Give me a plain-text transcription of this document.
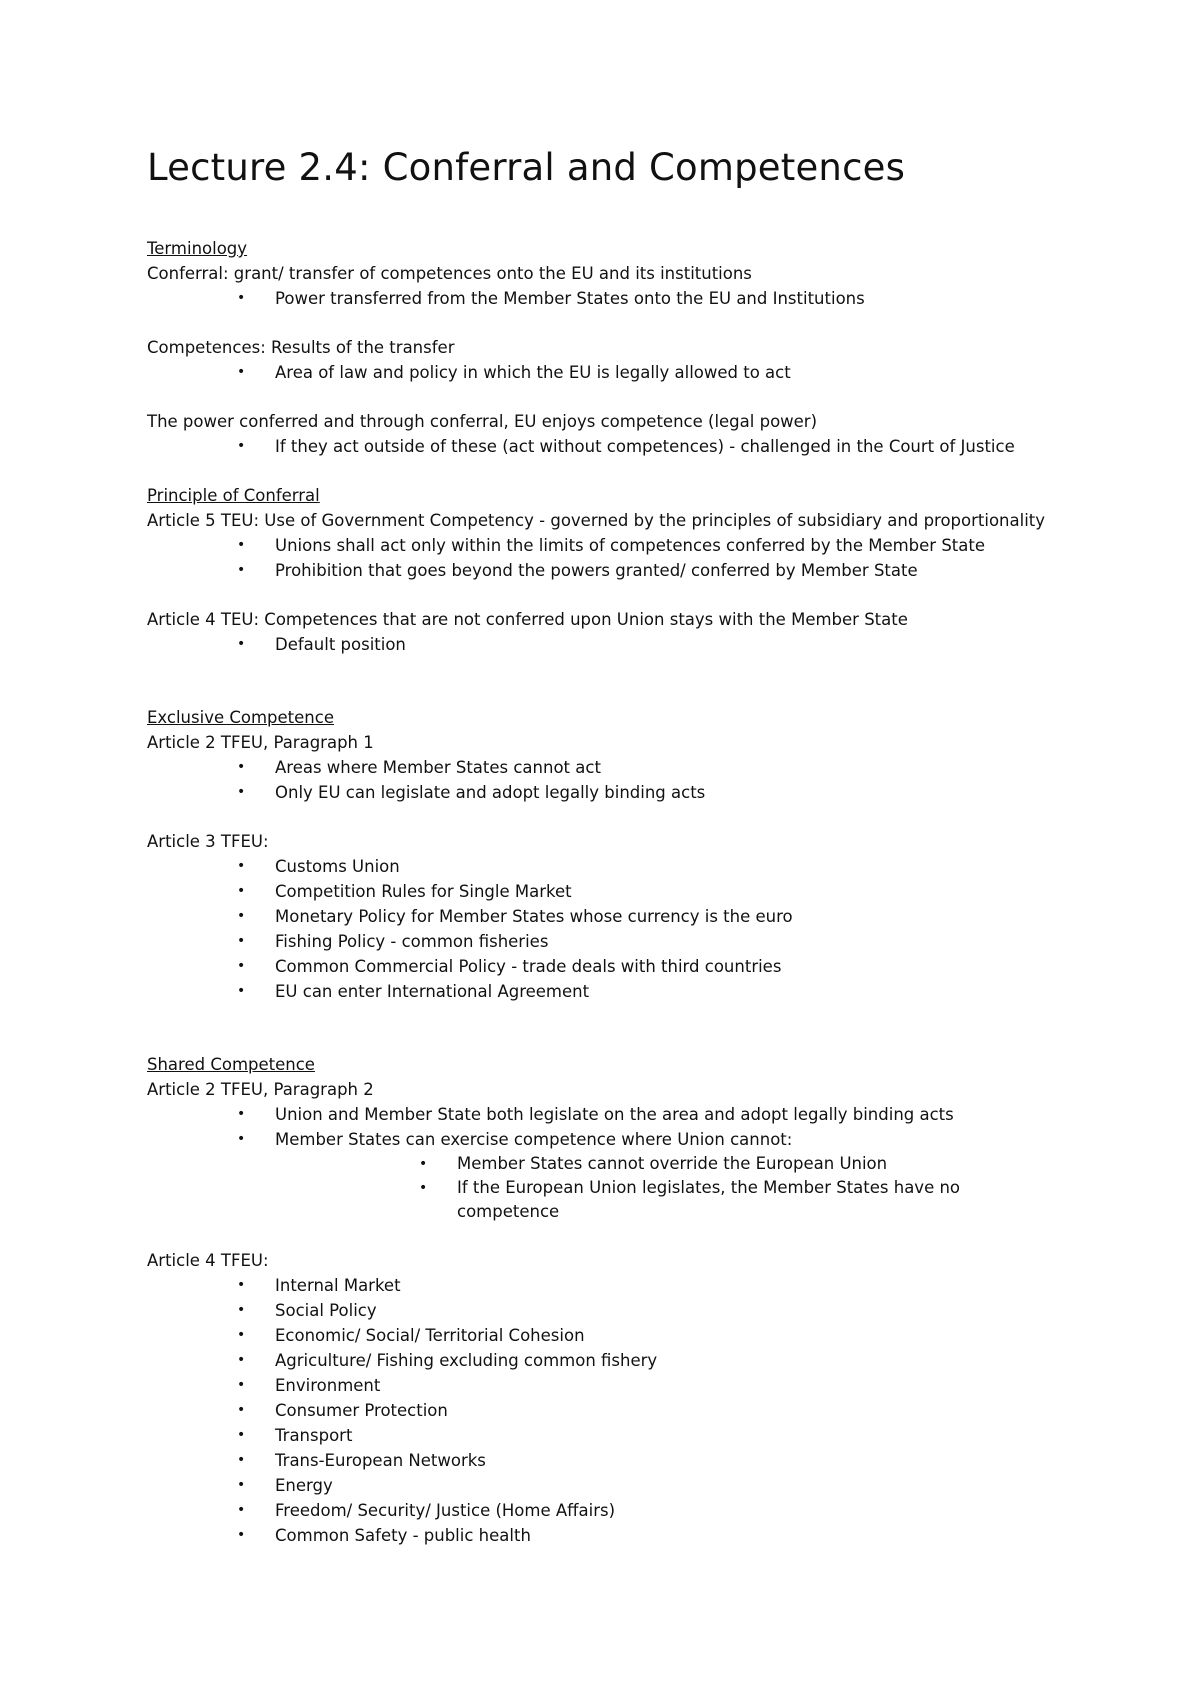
Lecture 2.4: Conferral and Competences
Terminology
Conferral: grant/ transfer of competences onto the EU and its institutions
• Power transferred from the Member States onto the EU and Institutions
Competences: Results of the transfer
• Area of law and policy in which the EU is legally allowed to act
The power conferred and through conferral, EU enjoys competence (legal power)
• If they act outside of these (act without competences) - challenged in the Court of Justice
Principle of Conferral
Article 5 TEU: Use of Government Competency - governed by the principles of subsidiary and proportionality
• Unions shall act only within the limits of competences conferred by the Member State
• Prohibition that goes beyond the powers granted/ conferred by Member State
Article 4 TEU: Competences that are not conferred upon Union stays with the Member State
• Default position
Exclusive Competence
Article 2 TFEU, Paragraph 1
• Areas where Member States cannot act
• Only EU can legislate and adopt legally binding acts
Article 3 TFEU:
• Customs Union
• Competition Rules for Single Market
• Monetary Policy for Member States whose currency is the euro
• Fishing Policy - common fisheries
• Common Commercial Policy - trade deals with third countries
• EU can enter International Agreement
Shared Competence
Article 2 TFEU, Paragraph 2
• Union and Member State both legislate on the area and adopt legally binding acts
• Member States can exercise competence where Union cannot:
• Member States cannot override the European Union
• If the European Union legislates, the Member States have no competence
Article 4 TFEU:
• Internal Market
• Social Policy
• Economic/ Social/ Territorial Cohesion
• Agriculture/ Fishing excluding common fishery
• Environment
• Consumer Protection
• Transport
• Trans-European Networks
• Energy
• Freedom/ Security/ Justice (Home Affairs)
• Common Safety - public health
